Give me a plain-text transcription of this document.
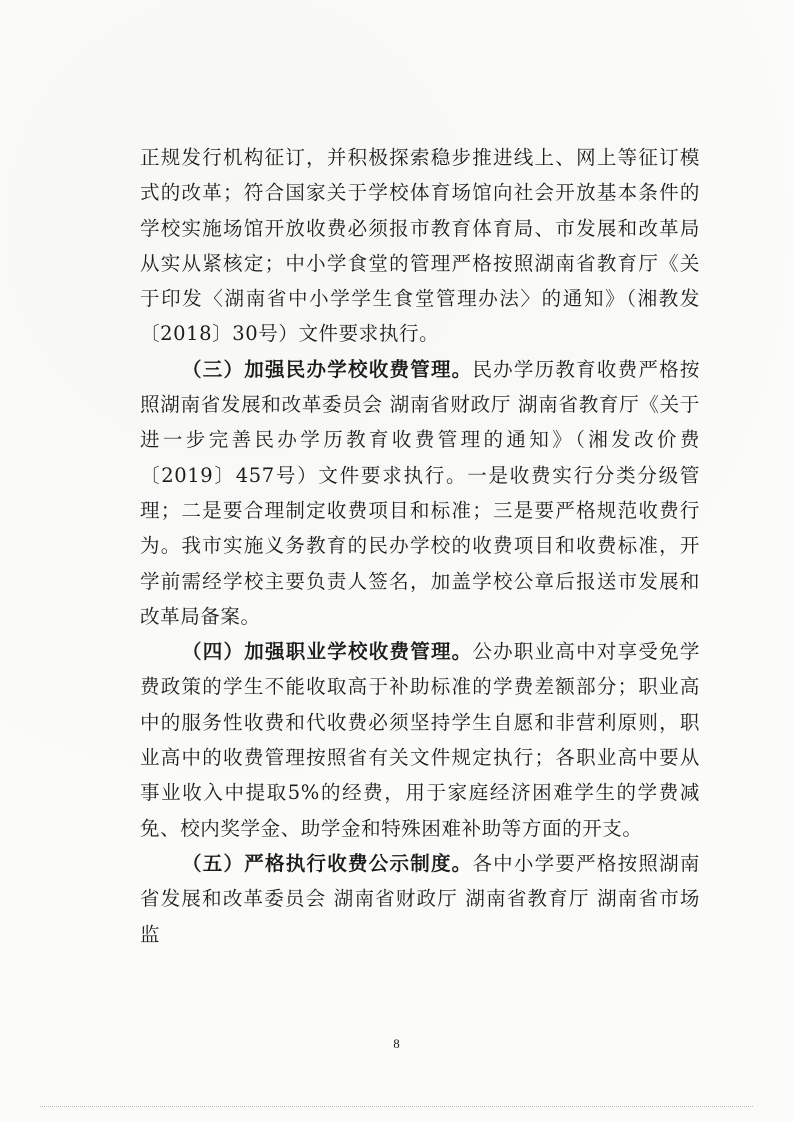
正规发行机构征订，并积极探索稳步推进线上、网上等征订模式的改革；符合国家关于学校体育场馆向社会开放基本条件的学校实施场馆开放收费必须报市教育体育局、市发展和改革局从实从紧核定；中小学食堂的管理严格按照湖南省教育厅《关于印发〈湖南省中小学学生食堂管理办法〉的通知》（湘教发〔2018〕30号）文件要求执行。

（三）加强民办学校收费管理。民办学历教育收费严格按照湖南省发展和改革委员会 湖南省财政厅 湖南省教育厅《关于进一步完善民办学历教育收费管理的通知》（湘发改价费〔2019〕457号）文件要求执行。一是收费实行分类分级管理；二是要合理制定收费项目和标准；三是要严格规范收费行为。我市实施义务教育的民办学校的收费项目和收费标准，开学前需经学校主要负责人签名，加盖学校公章后报送市发展和改革局备案。

（四）加强职业学校收费管理。公办职业高中对享受免学费政策的学生不能收取高于补助标准的学费差额部分；职业高中的服务性收费和代收费必须坚持学生自愿和非营利原则，职业高中的收费管理按照省有关文件规定执行；各职业高中要从事业收入中提取5%的经费，用于家庭经济困难学生的学费减免、校内奖学金、助学金和特殊困难补助等方面的开支。

（五）严格执行收费公示制度。各中小学要严格按照湖南省发展和改革委员会 湖南省财政厅 湖南省教育厅 湖南省市场监

8
